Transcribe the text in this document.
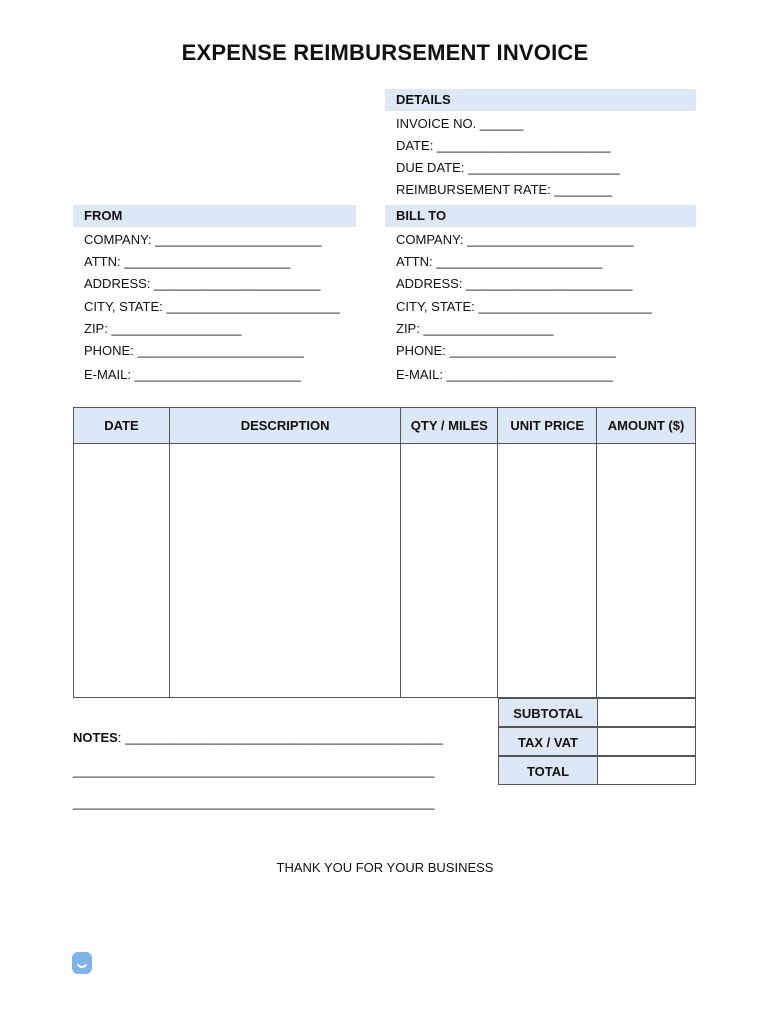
EXPENSE REIMBURSEMENT INVOICE
DETAILS
INVOICE NO. ______
DATE: ________________________
DUE DATE: _____________________
REIMBURSEMENT RATE: ________
FROM
COMPANY: _______________________
ATTN: _______________________
ADDRESS: _______________________
CITY, STATE: ________________________
ZIP: __________________
PHONE: _______________________
E-MAIL: _______________________
BILL TO
COMPANY: _______________________
ATTN: _______________________
ADDRESS: _______________________
CITY, STATE: ________________________
ZIP: __________________
PHONE: _______________________
E-MAIL: _______________________
DATE	DESCRIPTION	QTY / MILES	UNIT PRICE	AMOUNT ($)

SUBTOTAL
TAX / VAT
TOTAL
NOTES: ____________________________________________
__________________________________________________
__________________________________________________
THANK YOU FOR YOUR BUSINESS
